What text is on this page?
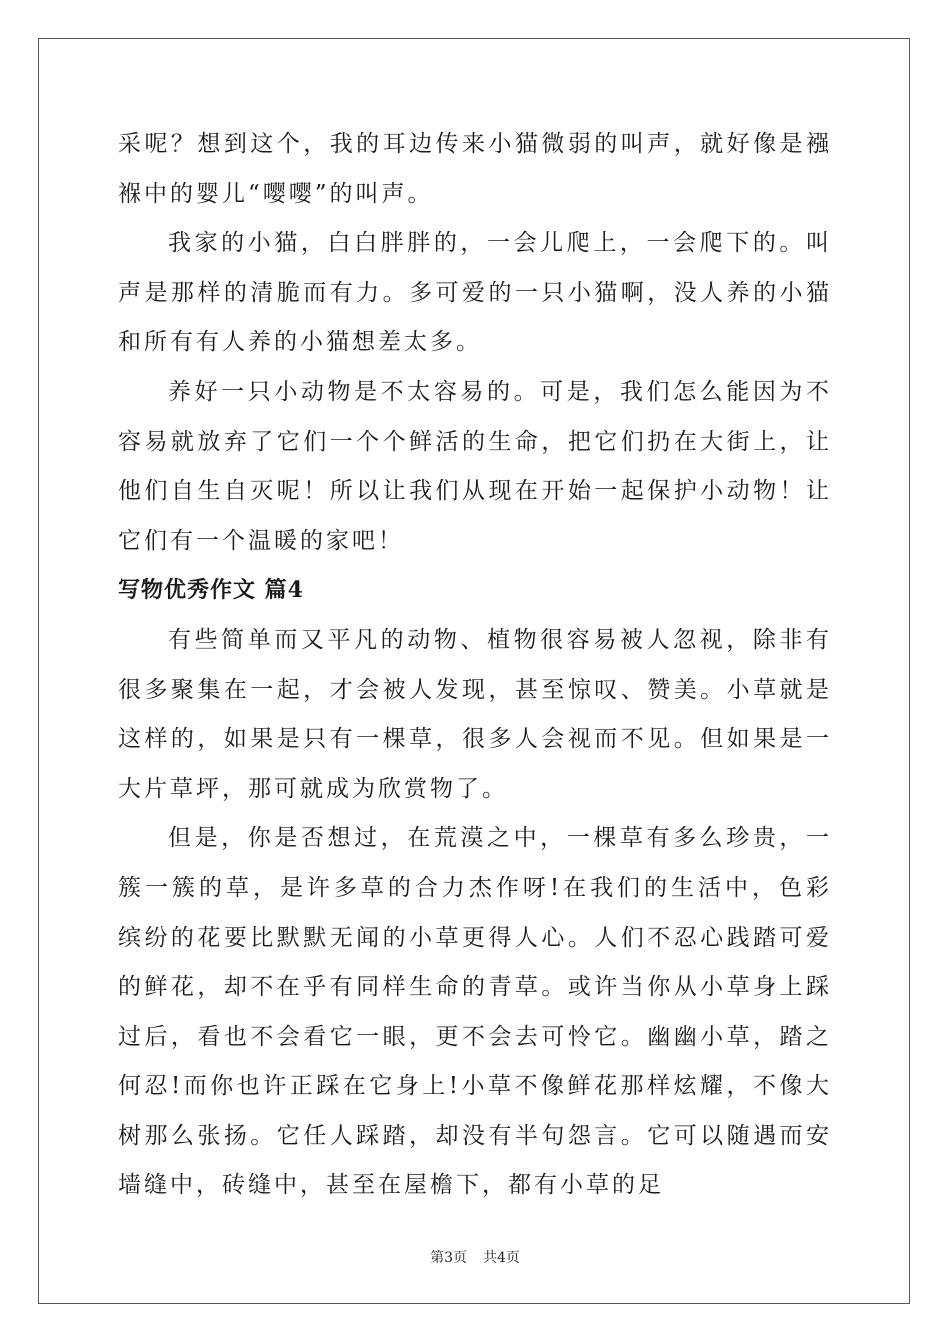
采呢？想到这个，我的耳边传来小猫微弱的叫声，就好像是襁褓中的婴儿“嘤嘤”的叫声。

我家的小猫，白白胖胖的，一会儿爬上，一会爬下的。叫声是那样的清脆而有力。多可爱的一只小猫啊，没人养的小猫和所有有人养的小猫想差太多。

养好一只小动物是不太容易的。可是，我们怎么能因为不容易就放弃了它们一个个鲜活的生命，把它们扔在大街上，让他们自生自灭呢！所以让我们从现在开始一起保护小动物！让它们有一个温暖的家吧！

写物优秀作文 篇4

有些简单而又平凡的动物、植物很容易被人忽视，除非有很多聚集在一起，才会被人发现，甚至惊叹、赞美。小草就是这样的，如果是只有一棵草，很多人会视而不见。但如果是一大片草坪，那可就成为欣赏物了。

但是，你是否想过，在荒漠之中，一棵草有多么珍贵，一簇一簇的草，是许多草的合力杰作呀!在我们的生活中，色彩缤纷的花要比默默无闻的小草更得人心。人们不忍心践踏可爱的鲜花，却不在乎有同样生命的青草。或许当你从小草身上踩过后，看也不会看它一眼，更不会去可怜它。幽幽小草，踏之何忍!而你也许正踩在它身上!小草不像鲜花那样炫耀，不像大树那么张扬。它任人踩踏，却没有半句怨言。它可以随遇而安墙缝中，砖缝中，甚至在屋檐下，都有小草的足

第3页 共4页
